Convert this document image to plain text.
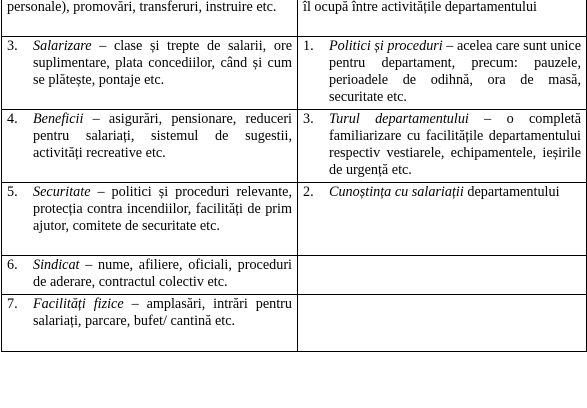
personale), promovări, transferuri, instruire etc.	îl ocupă între activitățile departamentului

3. Salarizare – clase și trepte de salarii, ore suplimentare, plata concediilor, când și cum se plătește, pontaje etc.	1. Politici și proceduri – acelea care sunt unice pentru departament, precum: pauzele, perioadele de odihnă, ora de masă, securitate etc.

4. Beneficii – asigurări, pensionare, reduceri pentru salariați, sistemul de sugestii, activități recreative etc.	3. Turul departamentului – o completă familiarizare cu facilitățile departamentului respectiv vestiarele, echipamentele, ieșirile de urgență etc.

5. Securitate – politici și proceduri relevante, protecția contra incendiilor, facilități de prim ajutor, comitete de securitate etc.	2. Cunoștința cu salariații departamentului

6. Sindicat – nume, afiliere, oficiali, proceduri de aderare, contractul colectiv etc.	

7. Facilități fizice – amplasări, intrări pentru salariați, parcare, bufet/ cantină etc.	
